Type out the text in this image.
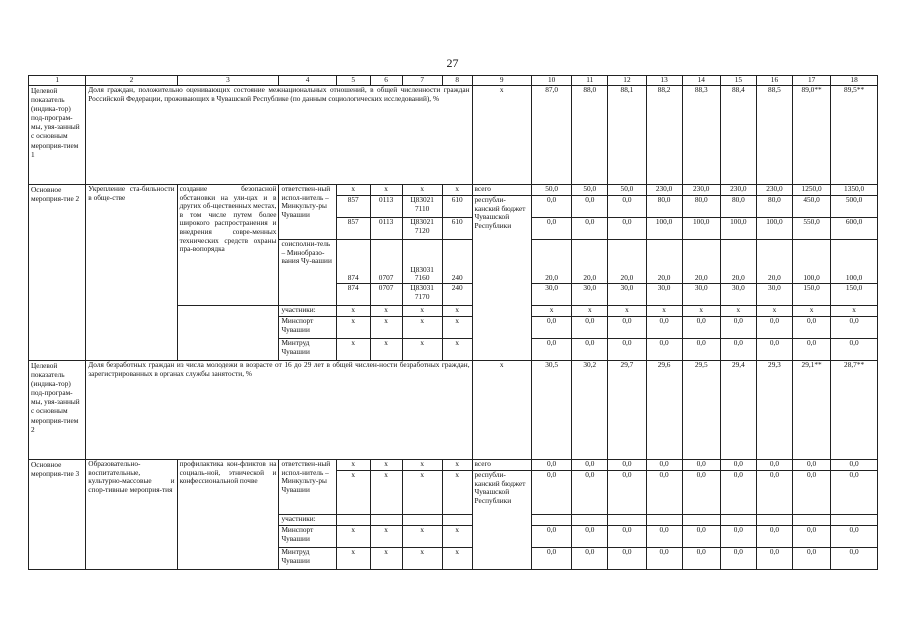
27
1	2	3	4	5	6	7	8	9	10	11	12	13	14	15	16	17	18
Целевой показатель (индика-тор) под-програм-мы, увя-занный с основным мероприя-тием 1	Доля граждан, положительно оценивающих состояние межнациональных отношений, в общей численности граждан Российской Федерации, проживающих в Чувашской Республике (по данным социологических исследований), %							x	87,0	88,0	88,1	88,2	88,3	88,4	88,5	89,0**	89,5**
Основное мероприя-тие 2	Укрепление ста-бильности в обще-стве	создание безопасной обстановки на ули-цах и в других об-щественных местах, в том числе путем более широкого распространения и внедрения совре-менных технических средств охраны пра-вопорядка	ответствен-ный испол-нитель – Минкульту-ры Чувашии	x	x	x	x	всего	50,0	50,0	50,0	230,0	230,0	230,0	230,0	1250,0	1350,0
				857	0113	Ц83021 7110	610	республи-канский бюджет Чувашской Республики	0,0	0,0	0,0	80,0	80,0	80,0	80,0	450,0	500,0
				857	0113	Ц83021 7120	610		0,0	0,0	0,0	100,0	100,0	100,0	100,0	550,0	600,0
			соисполни-тель – Минобразо-вания Чу-вашии	874	0707	Ц83031 7160	240		20,0	20,0	20,0	20,0	20,0	20,0	20,0	100,0	100,0
				874	0707	Ц83031 7170	240		30,0	30,0	30,0	30,0	30,0	30,0	30,0	150,0	150,0
			участники:	x	x	x	x		x	x	x	x	x	x	x	x	x
			Минспорт Чувашии	x	x	x	x		0,0	0,0	0,0	0,0	0,0	0,0	0,0	0,0	0,0
			Минтруд Чувашии	x	x	x	x		0,0	0,0	0,0	0,0	0,0	0,0	0,0	0,0	0,0
Целевой показатель (индика-тор) под-програм-мы, увя-занный с основным мероприя-тием 2	Доля безработных граждан из числа молодежи в возрасте от 16 до 29 лет в общей числен-ности безработных граждан, зарегистрированных в органах службы занятости, %							x	30,5	30,2	29,7	29,6	29,5	29,4	29,3	29,1**	28,7**
Основное мероприя-тие 3	Образовательно-воспитательные, культурно-массовые и спор-тивные мероприя-тия	профилактика кон-фликтов на социаль-ной, этнической и конфессиональной почве	ответствен-ный испол-нитель – Минкульту-ры Чувашии	x	x	x	x	всего	0,0	0,0	0,0	0,0	0,0	0,0	0,0	0,0	0,0
				x	x	x	x	республи-канский бюджет Чувашской Республики	0,0	0,0	0,0	0,0	0,0	0,0	0,0	0,0	0,0
			участники:														
			Минспорт Чувашии	x	x	x	x		0,0	0,0	0,0	0,0	0,0	0,0	0,0	0,0	0,0
			Минтруд Чувашии	x	x	x	x		0,0	0,0	0,0	0,0	0,0	0,0	0,0	0,0	0,0
